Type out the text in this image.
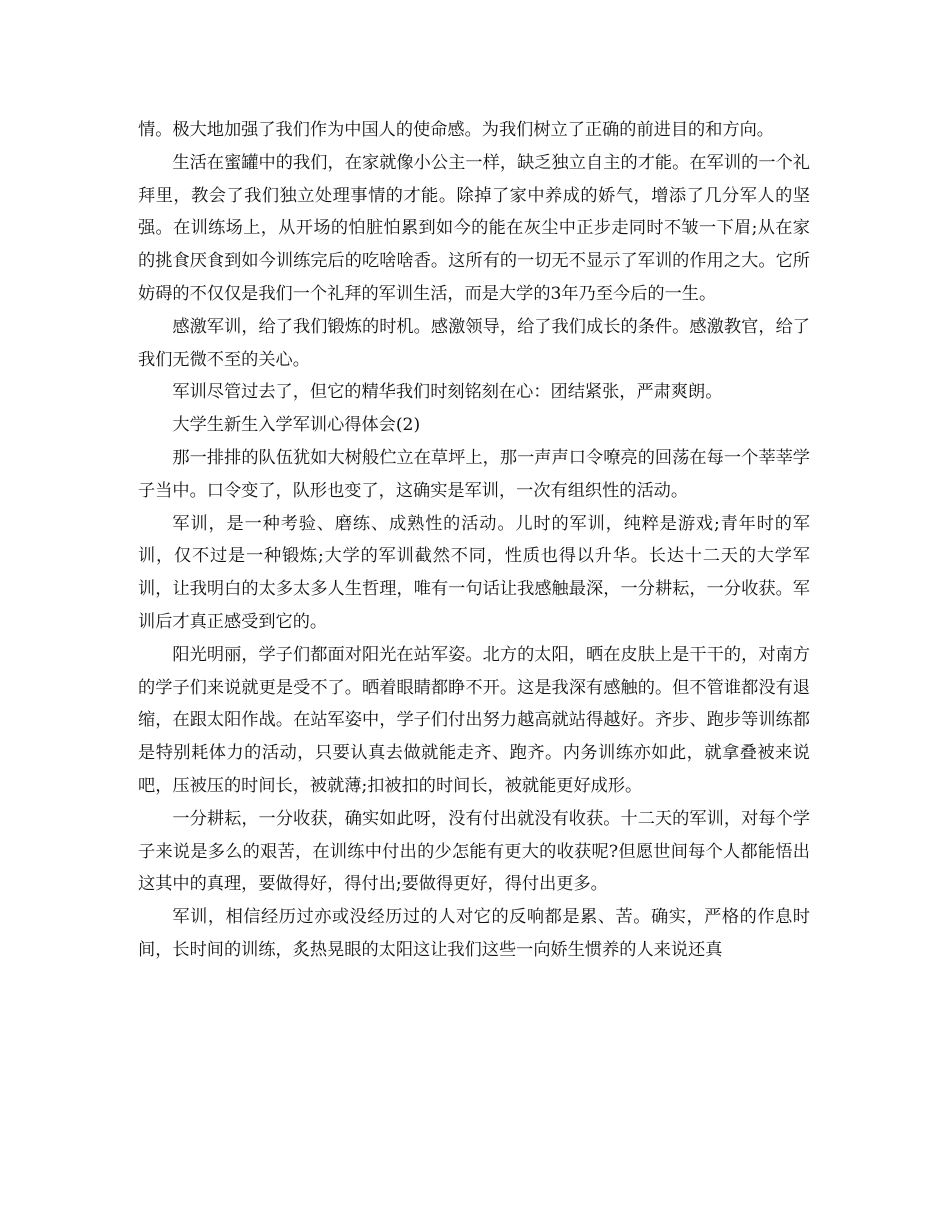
情。极大地加强了我们作为中国人的使命感。为我们树立了正确的前进目的和方向。

生活在蜜罐中的我们，在家就像小公主一样，缺乏独立自主的才能。在军训的一个礼拜里，教会了我们独立处理事情的才能。除掉了家中养成的娇气，增添了几分军人的坚强。在训练场上，从开场的怕脏怕累到如今的能在灰尘中正步走同时不皱一下眉;从在家的挑食厌食到如今训练完后的吃啥啥香。这所有的一切无不显示了军训的作用之大。它所妨碍的不仅仅是我们一个礼拜的军训生活，而是大学的3年乃至今后的一生。

感激军训，给了我们锻炼的时机。感激领导，给了我们成长的条件。感激教官，给了我们无微不至的关心。

军训尽管过去了，但它的精华我们时刻铭刻在心：团结紧张，严肃爽朗。

大学生新生入学军训心得体会(2)

那一排排的队伍犹如大树般伫立在草坪上，那一声声口令嘹亮的回荡在每一个莘莘学子当中。口令变了，队形也变了，这确实是军训，一次有组织性的活动。

军训，是一种考验、磨练、成熟性的活动。儿时的军训，纯粹是游戏;青年时的军训，仅不过是一种锻炼;大学的军训截然不同，性质也得以升华。长达十二天的大学军训，让我明白的太多太多人生哲理，唯有一句话让我感触最深，一分耕耘，一分收获。军训后才真正感受到它的。

阳光明丽，学子们都面对阳光在站军姿。北方的太阳，晒在皮肤上是干干的，对南方的学子们来说就更是受不了。晒着眼睛都睁不开。这是我深有感触的。但不管谁都没有退缩，在跟太阳作战。在站军姿中，学子们付出努力越高就站得越好。齐步、跑步等训练都是特别耗体力的活动，只要认真去做就能走齐、跑齐。内务训练亦如此，就拿叠被来说吧，压被压的时间长，被就薄;扣被扣的时间长，被就能更好成形。

一分耕耘，一分收获，确实如此呀，没有付出就没有收获。十二天的军训，对每个学子来说是多么的艰苦，在训练中付出的少怎能有更大的收获呢?但愿世间每个人都能悟出这其中的真理，要做得好，得付出;要做得更好，得付出更多。

军训，相信经历过亦或没经历过的人对它的反响都是累、苦。确实，严格的作息时间，长时间的训练，炙热晃眼的太阳这让我们这些一向娇生惯养的人来说还真
